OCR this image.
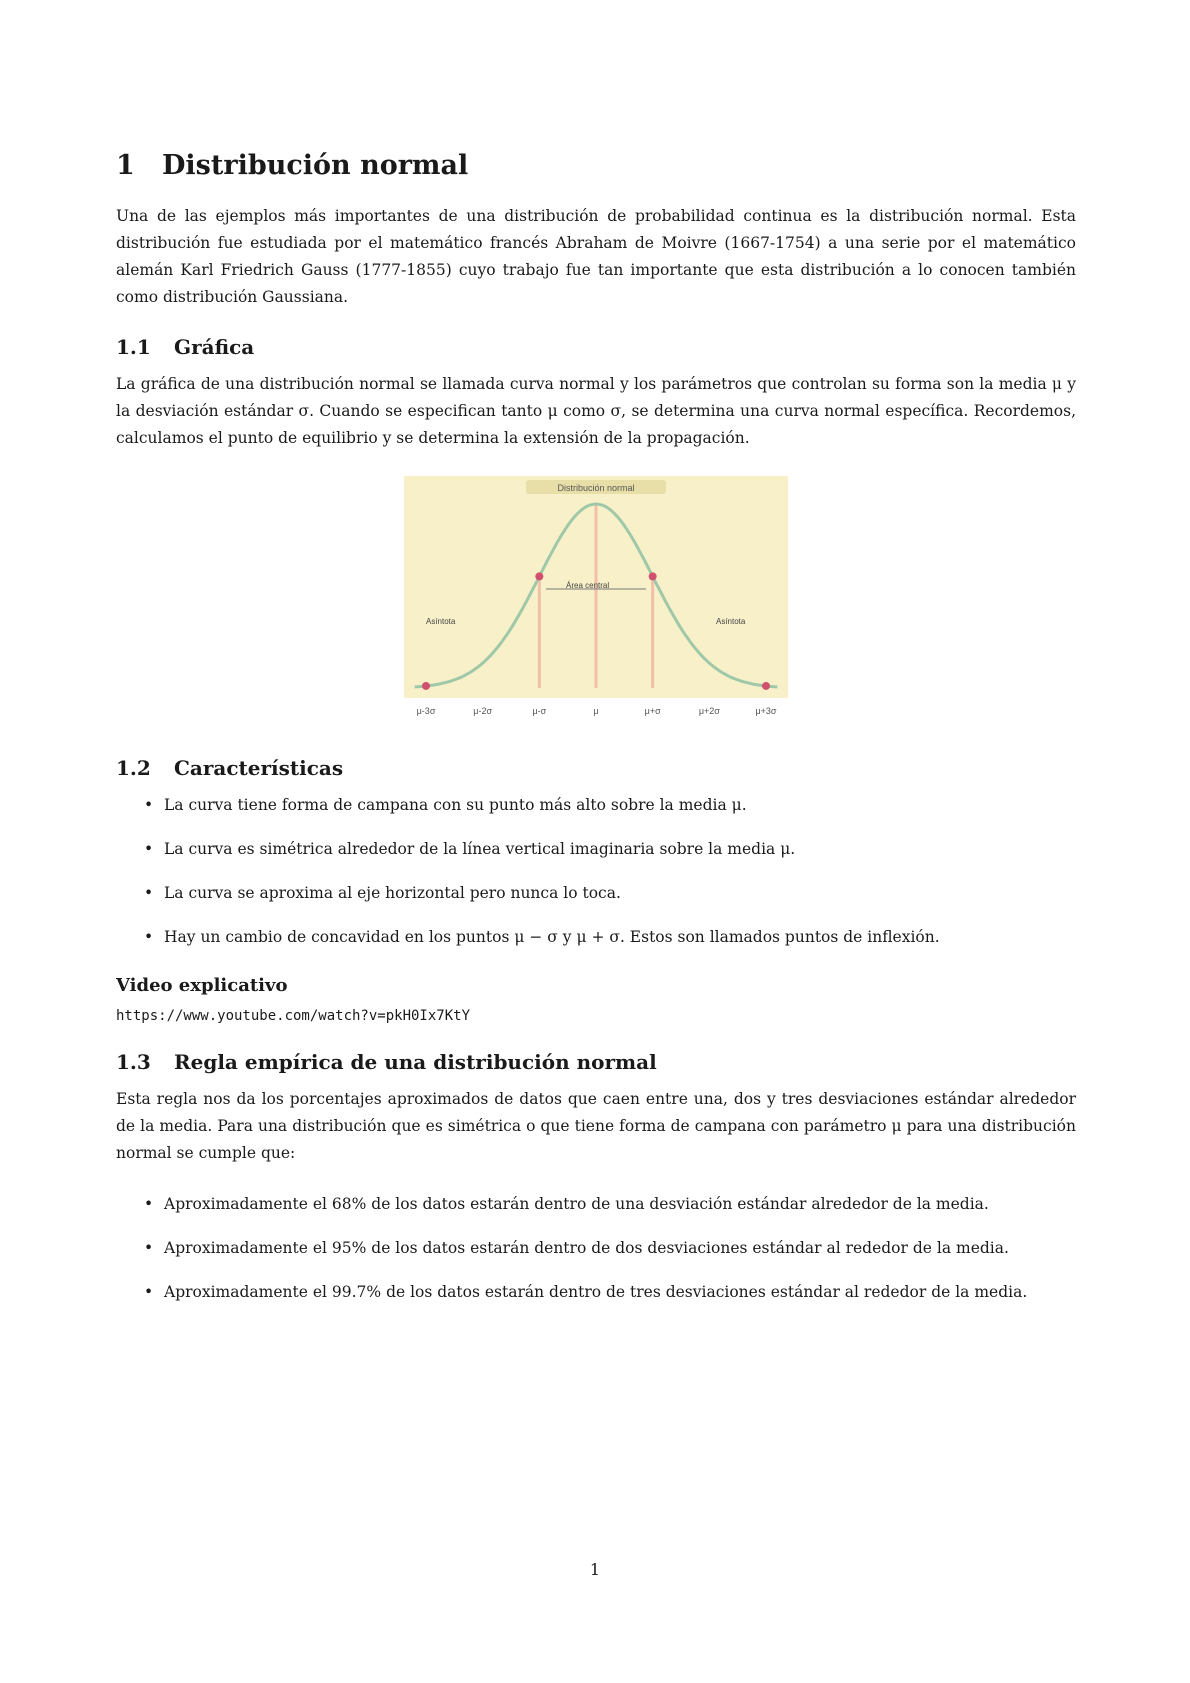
1	Distribución normal

Una de las ejemplos más importantes de una distribución de probabilidad continua es la distribución normal. Esta distribución fue estudiada por el matemático francés Abraham de Moivre (1667-1754) a una serie por el matemático alemán Karl Friedrich Gauss (1777-1855) cuyo trabajo fue tan importante que esta distribución a lo conocen también como distribución Gaussiana.

1.1	Gráfica

La gráfica de una distribución normal se llamada curva normal y los parámetros que controlan su forma son la media μ y la desviación estándar σ. Cuando se especifican tanto μ como σ, se determina una curva normal específica. Recordemos, calculamos el punto de equilibrio y se determina la extensión de la propagación.

Distribución normal
Área central
Asíntota	Asíntota
μ-3σ	μ-2σ	μ-σ	μ	μ+σ	μ+2σ	μ+3σ
1.2	Características
• La curva tiene forma de campana con su punto más alto sobre la media μ.
• La curva es simétrica alrededor de la línea vertical imaginaria sobre la media μ.
• La curva se aproxima al eje horizontal pero nunca lo toca.
• Hay un cambio de concavidad en los puntos μ − σ y μ + σ. Estos son llamados puntos de inflexión.
Video explicativo
https://www.youtube.com/watch?v=pkH0Ix7KtY
1.3	Regla empírica de una distribución normal

Esta regla nos da los porcentajes aproximados de datos que caen entre una, dos y tres desviaciones estándar alrededor de la media. Para una distribución que es simétrica o que tiene forma de campana con parámetro μ para una distribución normal se cumple que:

• Aproximadamente el 68% de los datos estarán dentro de una desviación estándar alrededor de la media.
• Aproximadamente el 95% de los datos estarán dentro de dos desviaciones estándar al rededor de la media.
• Aproximadamente el 99.7% de los datos estarán dentro de tres desviaciones estándar al rededor de la media.
1
